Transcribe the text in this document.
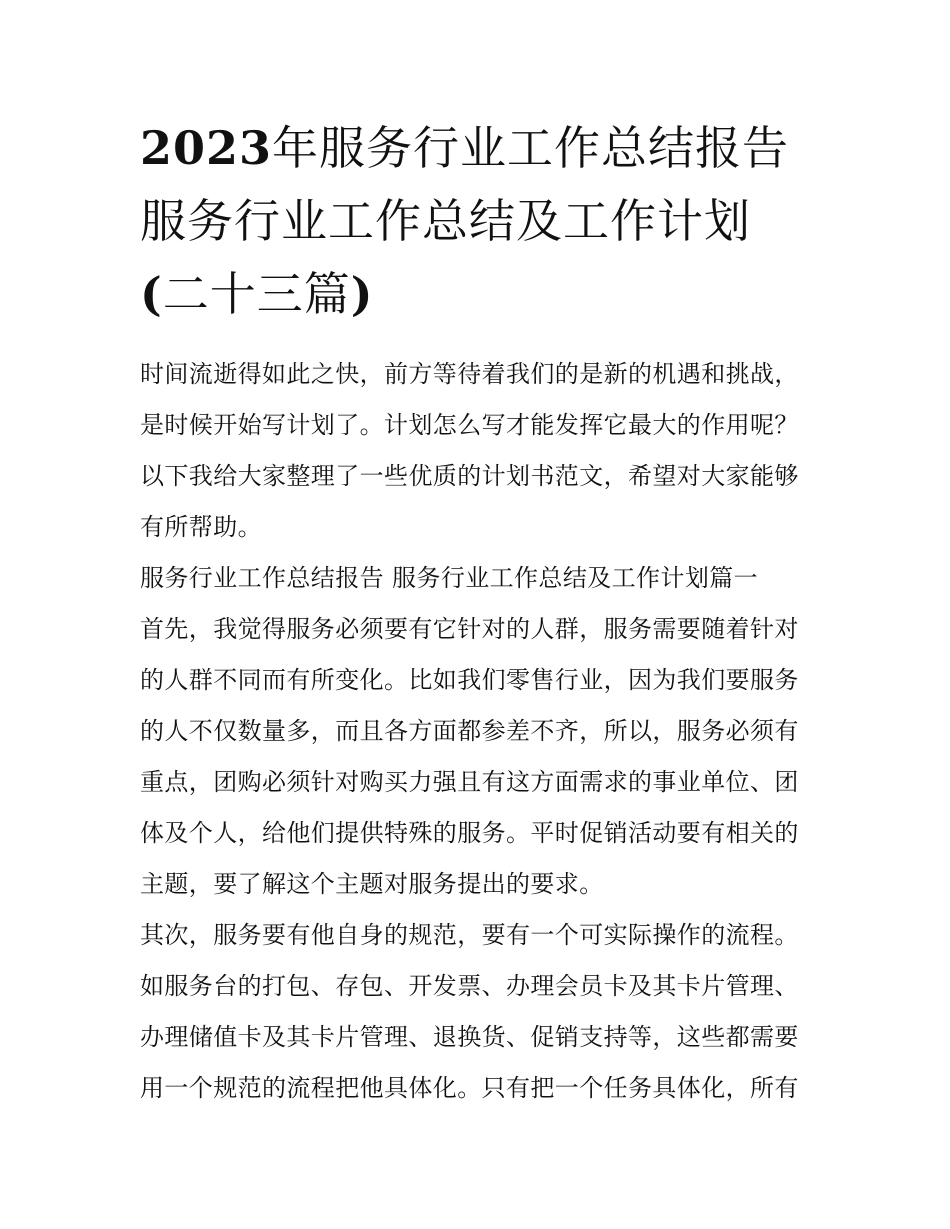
2023年服务行业工作总结报告
服务行业工作总结及工作计划
(二十三篇)

时间流逝得如此之快，前方等待着我们的是新的机遇和挑战，
是时候开始写计划了。计划怎么写才能发挥它最大的作用呢？
以下我给大家整理了一些优质的计划书范文，希望对大家能够
有所帮助。

服务行业工作总结报告 服务行业工作总结及工作计划篇一

首先，我觉得服务必须要有它针对的人群，服务需要随着针对
的人群不同而有所变化。比如我们零售行业，因为我们要服务
的人不仅数量多，而且各方面都参差不齐，所以，服务必须有
重点，团购必须针对购买力强且有这方面需求的事业单位、团
体及个人，给他们提供特殊的服务。平时促销活动要有相关的
主题，要了解这个主题对服务提出的要求。

其次，服务要有他自身的规范，要有一个可实际操作的流程。
如服务台的打包、存包、开发票、办理会员卡及其卡片管理、
办理储值卡及其卡片管理、退换货、促销支持等，这些都需要
用一个规范的流程把他具体化。只有把一个任务具体化，所有
